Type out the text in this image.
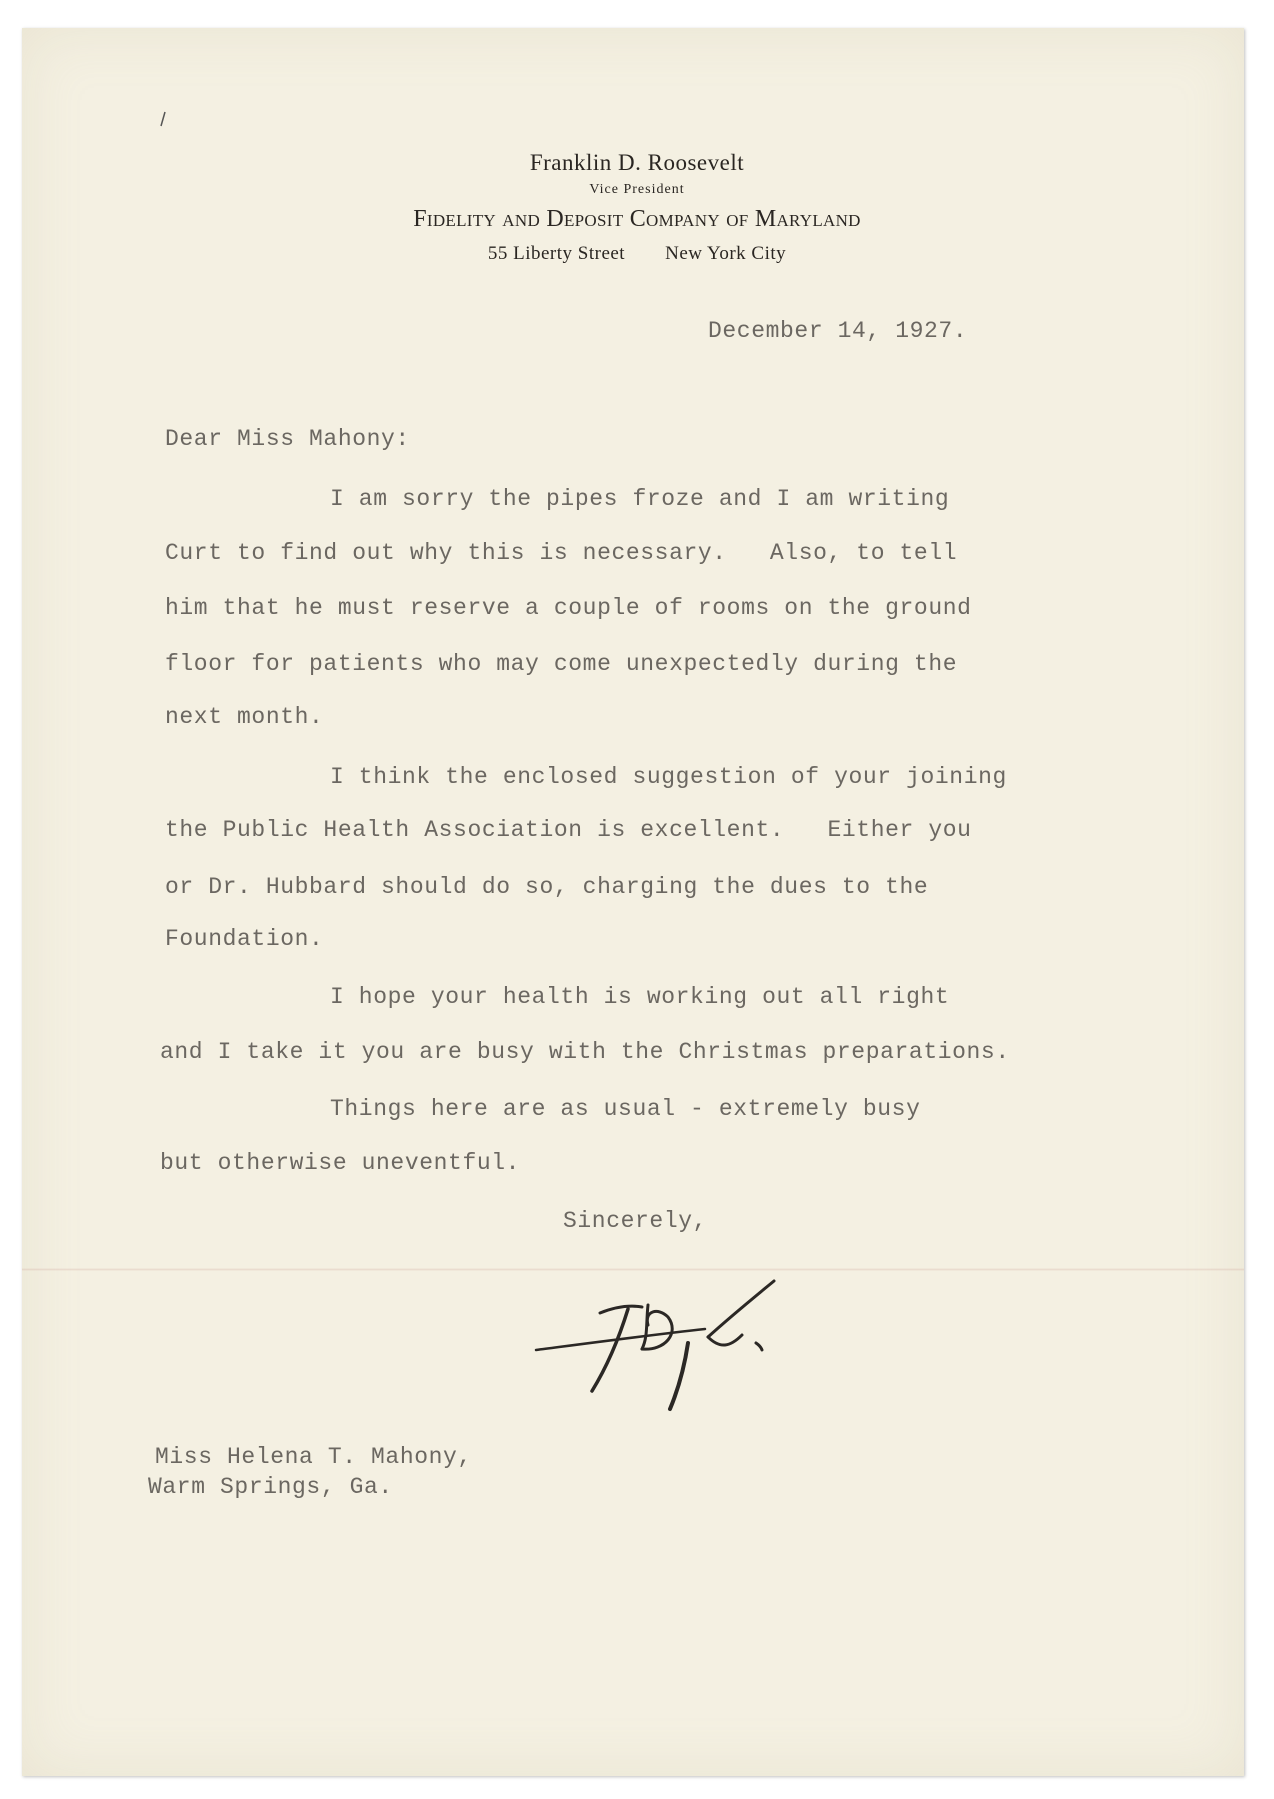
Franklin D. Roosevelt
Vice President
Fidelity and Deposit Company of Maryland
55 Liberty Street New York City
December 14, 1927.
Dear Miss Mahony:
I am sorry the pipes froze and I am writing
Curt to find out why this is necessary.   Also, to tell
him that he must reserve a couple of rooms on the ground
floor for patients who may come unexpectedly during the
next month.
I think the enclosed suggestion of your joining
the Public Health Association is excellent.   Either you
or Dr. Hubbard should do so, charging the dues to the
Foundation.
I hope your health is working out all right
and I take it you are busy with the Christmas preparations.
Things here are as usual - extremely busy
but otherwise uneventful.
Sincerely,
Miss Helena T. Mahony,
Warm Springs, Ga.
